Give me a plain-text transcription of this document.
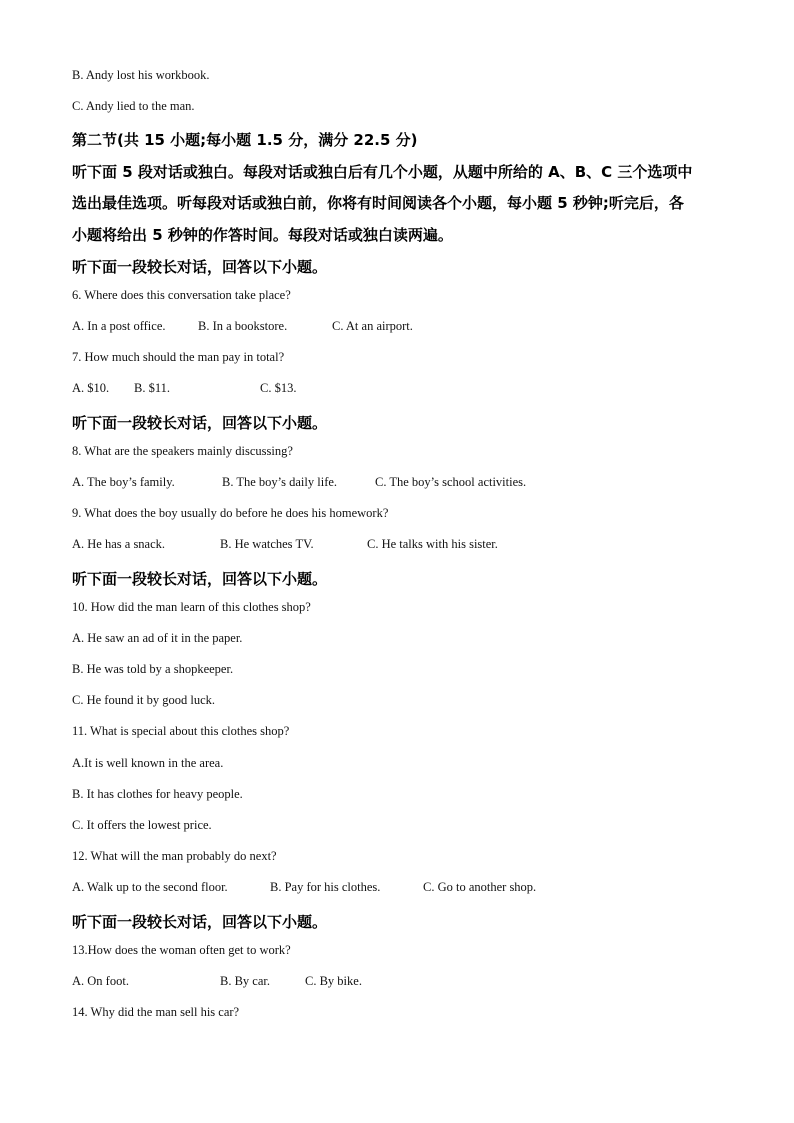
B. Andy lost his workbook.
C. Andy lied to the man.
第二节(共 15 小题;每小题 1.5 分，满分 22.5 分)
听下面 5 段对话或独白。每段对话或独白后有几个小题，从题中所给的 A、B、C 三个选项中
选出最佳选项。听每段对话或独白前，你将有时间阅读各个小题，每小题 5 秒钟;听完后，各
小题将给出 5 秒钟的作答时间。每段对话或独白读两遍。
听下面一段较长对话，回答以下小题。
6. Where does this conversation take place?
A. In a post office.	B. In a bookstore.	C. At an airport.
7. How much should the man pay in total?
A. $10. B. $11.	C. $13.
听下面一段较长对话，回答以下小题。
8. What are the speakers mainly discussing?
A. The boy’s family.	B. The boy’s daily life.	C. The boy’s school activities.
9. What does the boy usually do before he does his homework?
A. He has a snack.	B. He watches TV.	C. He talks with his sister.
听下面一段较长对话，回答以下小题。
10. How did the man learn of this clothes shop?
A. He saw an ad of it in the paper.
B. He was told by a shopkeeper.
C. He found it by good luck.
11. What is special about this clothes shop?
A.It is well known in the area.
B. It has clothes for heavy people.
C. It offers the lowest price.
12. What will the man probably do next?
A. Walk up to the second floor.	B. Pay for his clothes.	C. Go to another shop.
听下面一段较长对话，回答以下小题。
13.How does the woman often get to work?
A. On foot.	B. By car.	C. By bike.
14. Why did the man sell his car?
